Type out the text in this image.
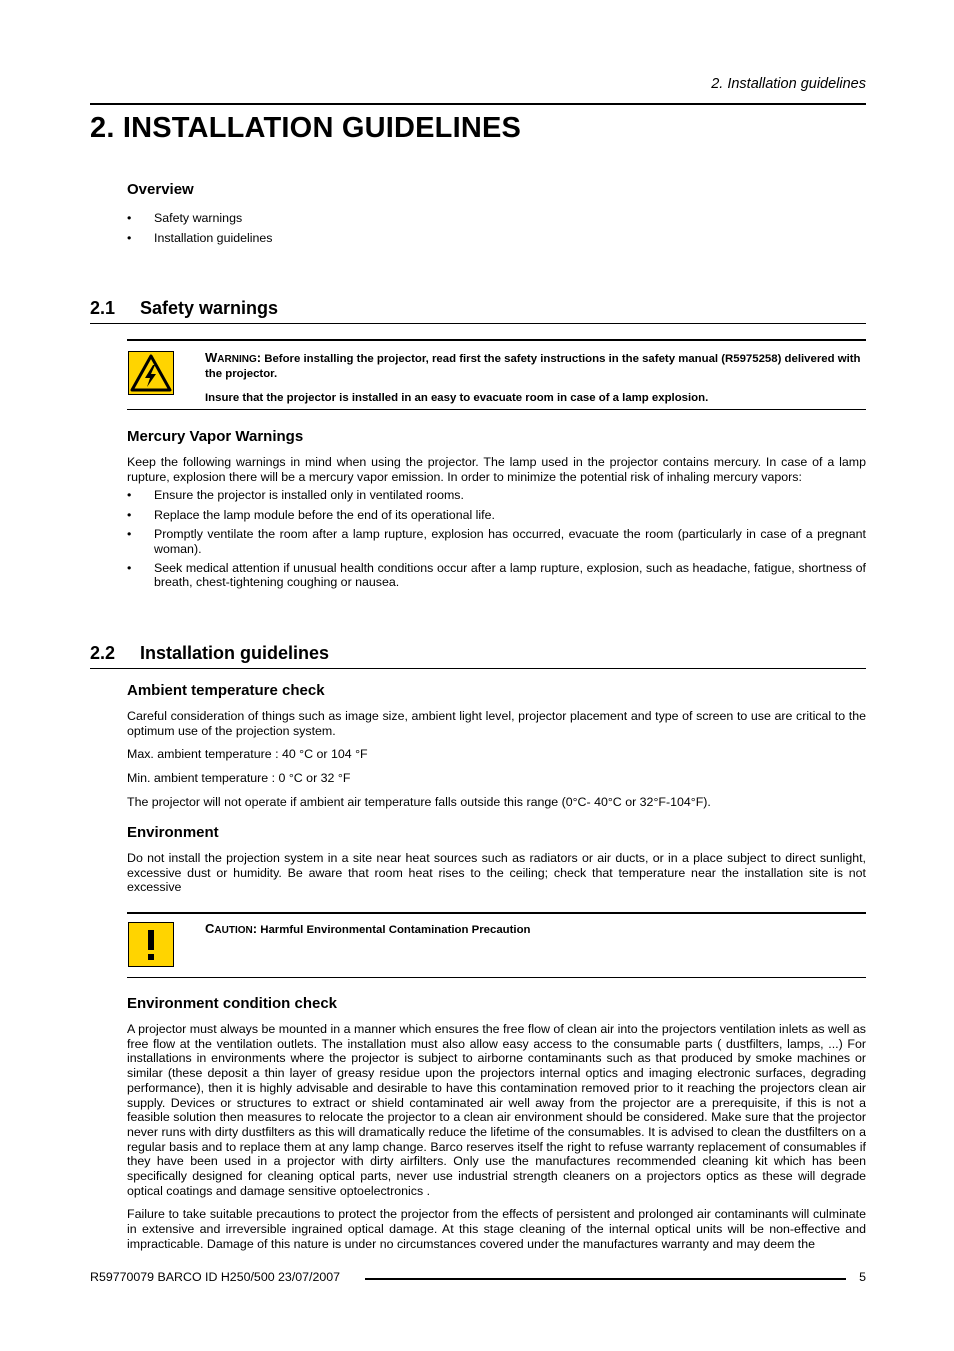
2. Installation guidelines
2. INSTALLATION GUIDELINES
Overview
• Safety warnings
• Installation guidelines
2.1 Safety warnings
WARNING: Before installing the projector, read first the safety instructions in the safety manual (R5975258) delivered with the projector.
Insure that the projector is installed in an easy to evacuate room in case of a lamp explosion.
Mercury Vapor Warnings

Keep the following warnings in mind when using the projector. The lamp used in the projector contains mercury. In case of a lamp rupture, explosion there will be a mercury vapor emission. In order to minimize the potential risk of inhaling mercury vapors:

• Ensure the projector is installed only in ventilated rooms.
• Replace the lamp module before the end of its operational life.
• Promptly ventilate the room after a lamp rupture, explosion has occurred, evacuate the room (particularly in case of a pregnant woman).
• Seek medical attention if unusual health conditions occur after a lamp rupture, explosion, such as headache, fatigue, shortness of breath, chest-tightening coughing or nausea.
2.2 Installation guidelines
Ambient temperature check

Careful consideration of things such as image size, ambient light level, projector placement and type of screen to use are critical to the optimum use of the projection system.

Max. ambient temperature : 40 °C or 104 °F

Min. ambient temperature : 0 °C or 32 °F

The projector will not operate if ambient air temperature falls outside this range (0°C- 40°C or 32°F-104°F).

Environment

Do not install the projection system in a site near heat sources such as radiators or air ducts, or in a place subject to direct sunlight, excessive dust or humidity. Be aware that room heat rises to the ceiling; check that temperature near the installation site is not excessive

CAUTION: Harmful Environmental Contamination Precaution
Environment condition check

A projector must always be mounted in a manner which ensures the free flow of clean air into the projectors ventilation inlets as well as free flow at the ventilation outlets. The installation must also allow easy access to the consumable parts ( dustfilters, lamps, ...) For installations in environments where the projector is subject to airborne contaminants such as that produced by smoke machines or similar (these deposit a thin layer of greasy residue upon the projectors internal optics and imaging electronic surfaces, degrading performance), then it is highly advisable and desirable to have this contamination removed prior to it reaching the projectors clean air supply. Devices or structures to extract or shield contaminated air well away from the projector are a prerequisite, if this is not a feasible solution then measures to relocate the projector to a clean air environment should be considered. Make sure that the projector never runs with dirty dustfilters as this will dramatically reduce the lifetime of the consumables. It is advised to clean the dustfilters on a regular basis and to replace them at any lamp change. Barco reserves itself the right to refuse warranty replacement of consumables if they have been used in a projector with dirty airfilters. Only use the manufactures recommended cleaning kit which has been specifically designed for cleaning optical parts, never use industrial strength cleaners on a projectors optics as these will degrade optical coatings and damage sensitive optoelectronics .

Failure to take suitable precautions to protect the projector from the effects of persistent and prolonged air contaminants will culminate in extensive and irreversible ingrained optical damage. At this stage cleaning of the internal optical units will be non-effective and impracticable. Damage of this nature is under no circumstances covered under the manufactures warranty and may deem the

R59770079 BARCO ID H250/500 23/07/2007	5
